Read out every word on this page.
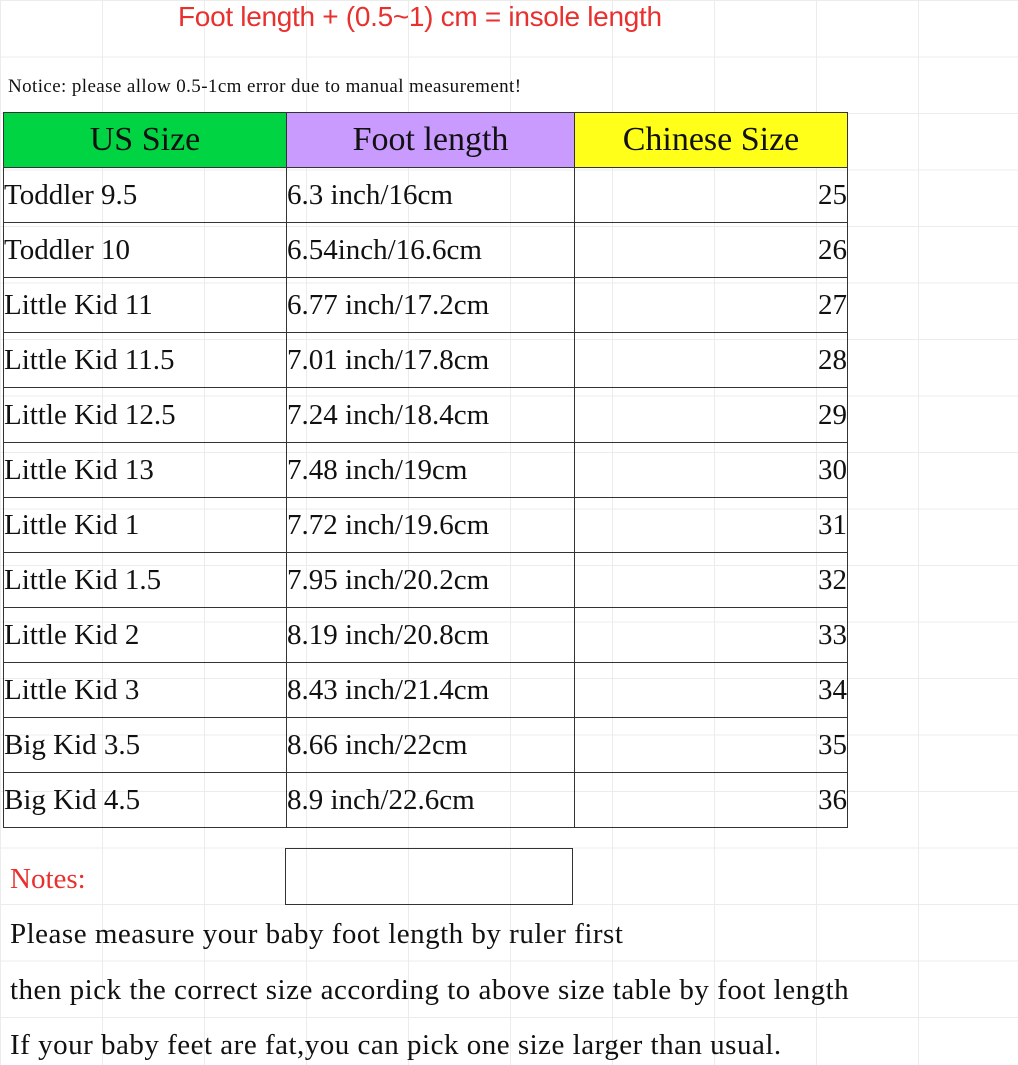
Foot length + (0.5~1) cm = insole length
Notice: please allow 0.5-1cm error due to manual measurement!
US Size	Foot length	Chinese Size
Toddler 9.5	6.3 inch/16cm	25
Toddler 10	6.54inch/16.6cm	26
Little Kid 11	6.77 inch/17.2cm	27
Little Kid 11.5	7.01 inch/17.8cm	28
Little Kid 12.5	7.24 inch/18.4cm	29
Little Kid 13	7.48 inch/19cm	30
Little Kid 1	7.72 inch/19.6cm	31
Little Kid 1.5	7.95 inch/20.2cm	32
Little Kid 2	8.19 inch/20.8cm	33
Little Kid 3	8.43 inch/21.4cm	34
Big Kid 3.5	8.66 inch/22cm	35
Big Kid 4.5	8.9 inch/22.6cm	36
Notes:
Please measure your baby foot length by ruler first
then pick the correct size according to above size table by foot length
If your baby feet are fat,you can pick one size larger than usual.
